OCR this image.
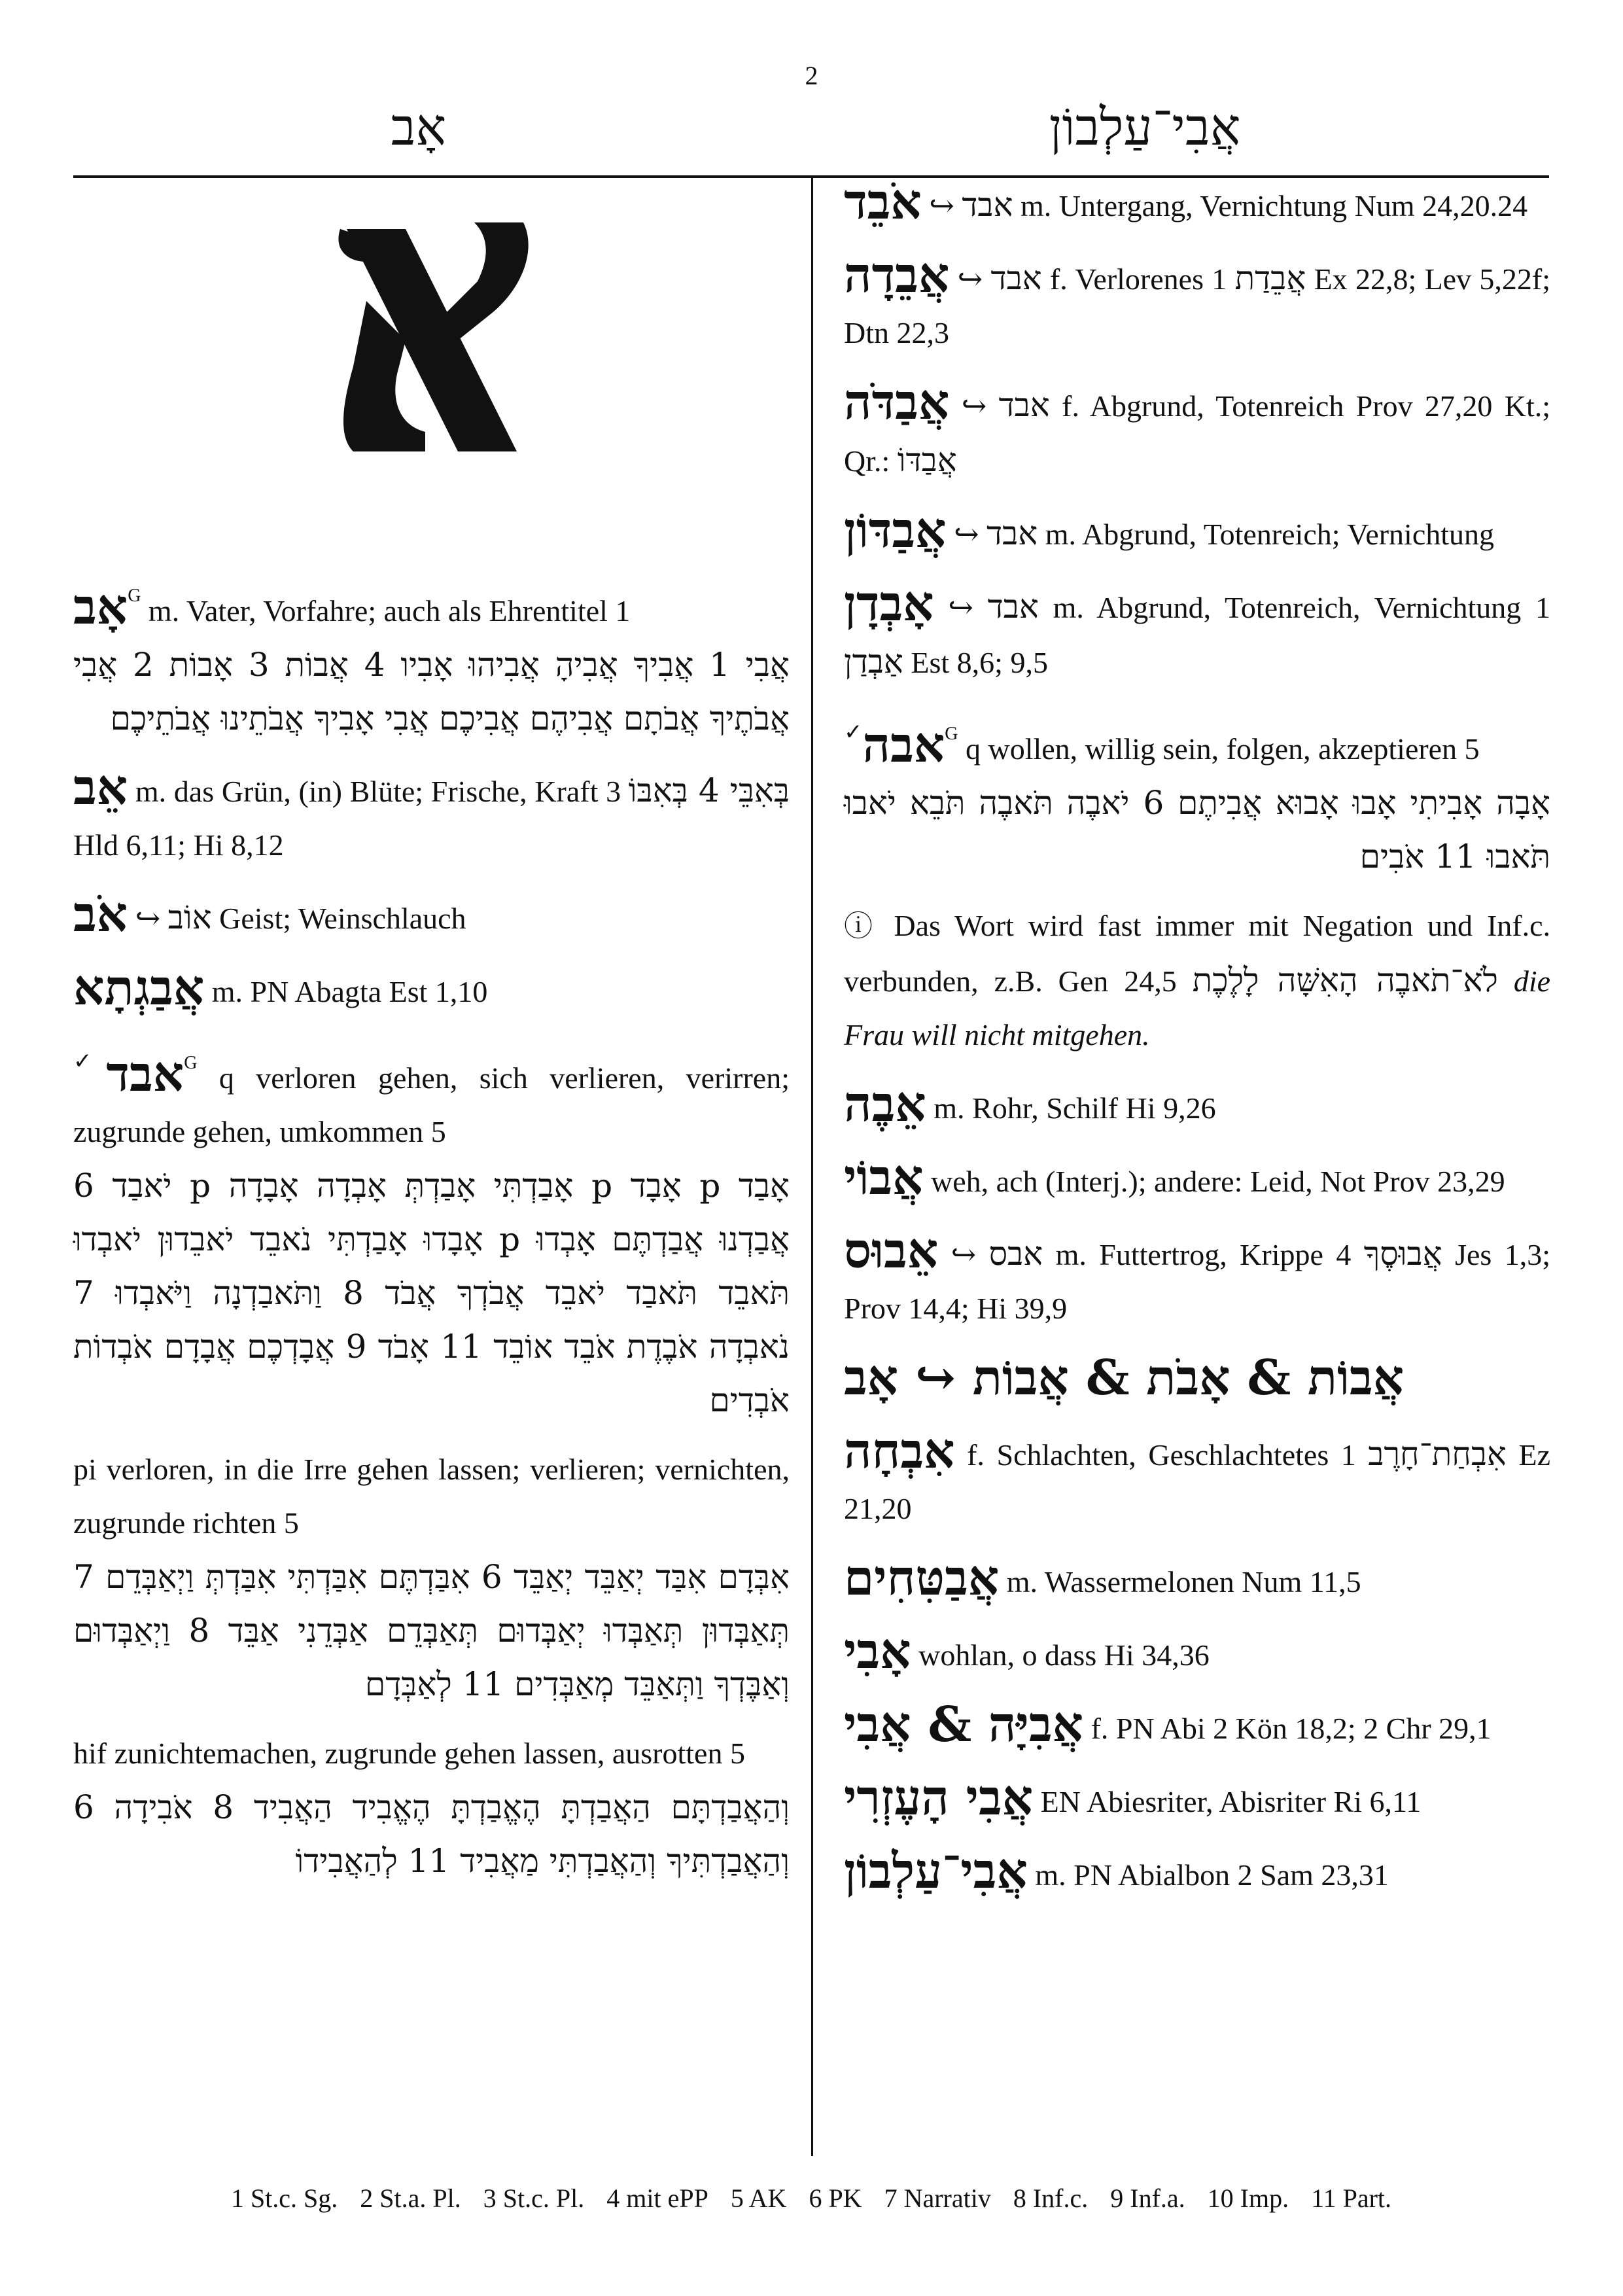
2
אָב	אֲבִי־עַלְבוֹן
אָב$^G$ m. Vater, Vorfahre; auch als Ehrentitel 1
אֲבִי 1 אֲבִיךָ אֲבִיהָ אֲבִיהוּ אָבִיו 4 אֲבוֹת 3 אָבוֹת 2 אֲבִי אֲבֹתֶיךָ אֲבֹתָם אֲבִיהֶם אֲבִיכֶם אֲבִי אָבִיךָ אֲבֹתֵינוּ אֲבֹתֵיכֶם
אֵב m. das Grün, (in) Blüte; Frische, Kraft 3 בְּאִבֵּי 4 בְּאִבּוֹ Hld 6,11; Hi 8,12
אֹב ↪ אוֹב Geist; Weinschlauch
אֲבַגְתָא m. PN Abagta Est 1,10
✓אבד$^G$ q verloren gehen, sich verlieren, verirren; zugrunde gehen, umkommen 5
אָבַד p אָבָד p אָבַדְתִּי אָבַדְתְּ אָבְדָה אָבָדָה p יֹאבַד 6 אֲבַדְנוּ אֲבַדְתֶּם אָבְדוּ p אָבָדוּ אָבַדְתִּי נֹאבֵד יֹאבֵדוּן יֹאבְדוּ תֹּאבֵד תֹּאבַד יֹאבֵד אֲבֹדְךָ אֲבֹד 8 וַתֹּאבַדְנָה וַיֹּאבְדוּ 7 נֹאבְדָה אֹבֶדֶת אֹבֵד אוֹבֵד 11 אָבֹד 9 אֲבָדְכֶם אֲבָדָם אֹבְדוֹת אֹבְדִים
pi verloren, in die Irre gehen lassen; verlieren; vernichten, zugrunde richten 5
אִבְּדָם אִבַּד יְאַבֵּד יְאַבֵּד 6 אִבַּדְתֶּם אִבַּדְתִּי אִבַּדְתְּ וַיְאַבְּדֵם 7 תְּאַבְּדוּן תְּאַבְּדוּ יְאַבְּדוּם תְּאַבְּדֵם אַבְּדֵנִי אַבֵּד 8 וַיְאַבְּדוּם וְאַבֶּדְךָ וַתְּאַבֵּד מְאַבְּדִים 11 לְאַבְּדָם
hif zunichtemachen, zugrunde gehen lassen, ausrotten 5
וְהַאֲבַדְתָּם הַאֲבַדְתָּ הֶאֱבַדְתָּ הֶאֱבִיד הַאֲבִיד 8 אֹבִידָה 6 וְהַאֲבַדְתִּיךָ וְהַאֲבַדְתִּי מַאֲבִיד 11 לְהַאֲבִידוֹ
אֹבֵד ↪ אבד m. Untergang, Vernichtung Num 24,20.24
אֲבֵדָה ↪ אבד f. Verlorenes 1 אֲבֵדַת Ex 22,8; Lev 5,22f; Dtn 22,3
אֲבַדֹּה ↪ אבד f. Abgrund, Totenreich Prov 27,20 Kt.; Qr.: אֲבַדּוֹ
אֲבַדּוֹן ↪ אבד m. Abgrund, Totenreich; Vernichtung
אָבְדָן ↪ אבד m. Abgrund, Totenreich, Vernichtung 1 אַבְדַן Est 8,6; 9,5
✓אבה$^G$ q wollen, willig sein, folgen, akzeptieren 5
אָבָה אָבִיתִי אָבוּ אָבוּא אֲבִיתֶם 6 יֹאבֶה תֹּאבֶה תֹּבֵא יֹאבוּ תֹּאבוּ 11 אֹבִים
ⓘ Das Wort wird fast immer mit Negation und Inf.c. verbunden, z.B. Gen 24,5 לֹא־תֹאבֶה הָאִשָּׁה לָלֶכֶת die Frau will nicht mitgehen.
אֵבֶה m. Rohr, Schilf Hi 9,26
אֲבוֹי weh, ach (Interj.); andere: Leid, Not Prov 23,29
אֵבוּס ↪ אבס m. Futtertrog, Krippe 4 אֲבוּסֶךָ Jes 1,3; Prov 14,4; Hi 39,9
אֲבוֹת & אָבֹת & אֲבוֹת ↪ אָב
אִבְחָה f. Schlachten, Geschlachtetes 1 אִבְחַת־חָרֶב Ez 21,20
אֲבַטִּחִים m. Wassermelonen Num 11,5
אָבִי wohlan, o dass Hi 34,36
אֲבִיָּה & אֲבִי f. PN Abi 2 Kön 18,2; 2 Chr 29,1
אֲבִי הָעֶזְרִי EN Abiesriter, Abisriter Ri 6,11
אֲבִי־עַלְבוֹן m. PN Abialbon 2 Sam 23,31
1 St.c. Sg. 2 St.a. Pl. 3 St.c. Pl. 4 mit ePP 5 AK 6 PK 7 Narrativ 8 Inf.c. 9 Inf.a. 10 Imp. 11 Part.
